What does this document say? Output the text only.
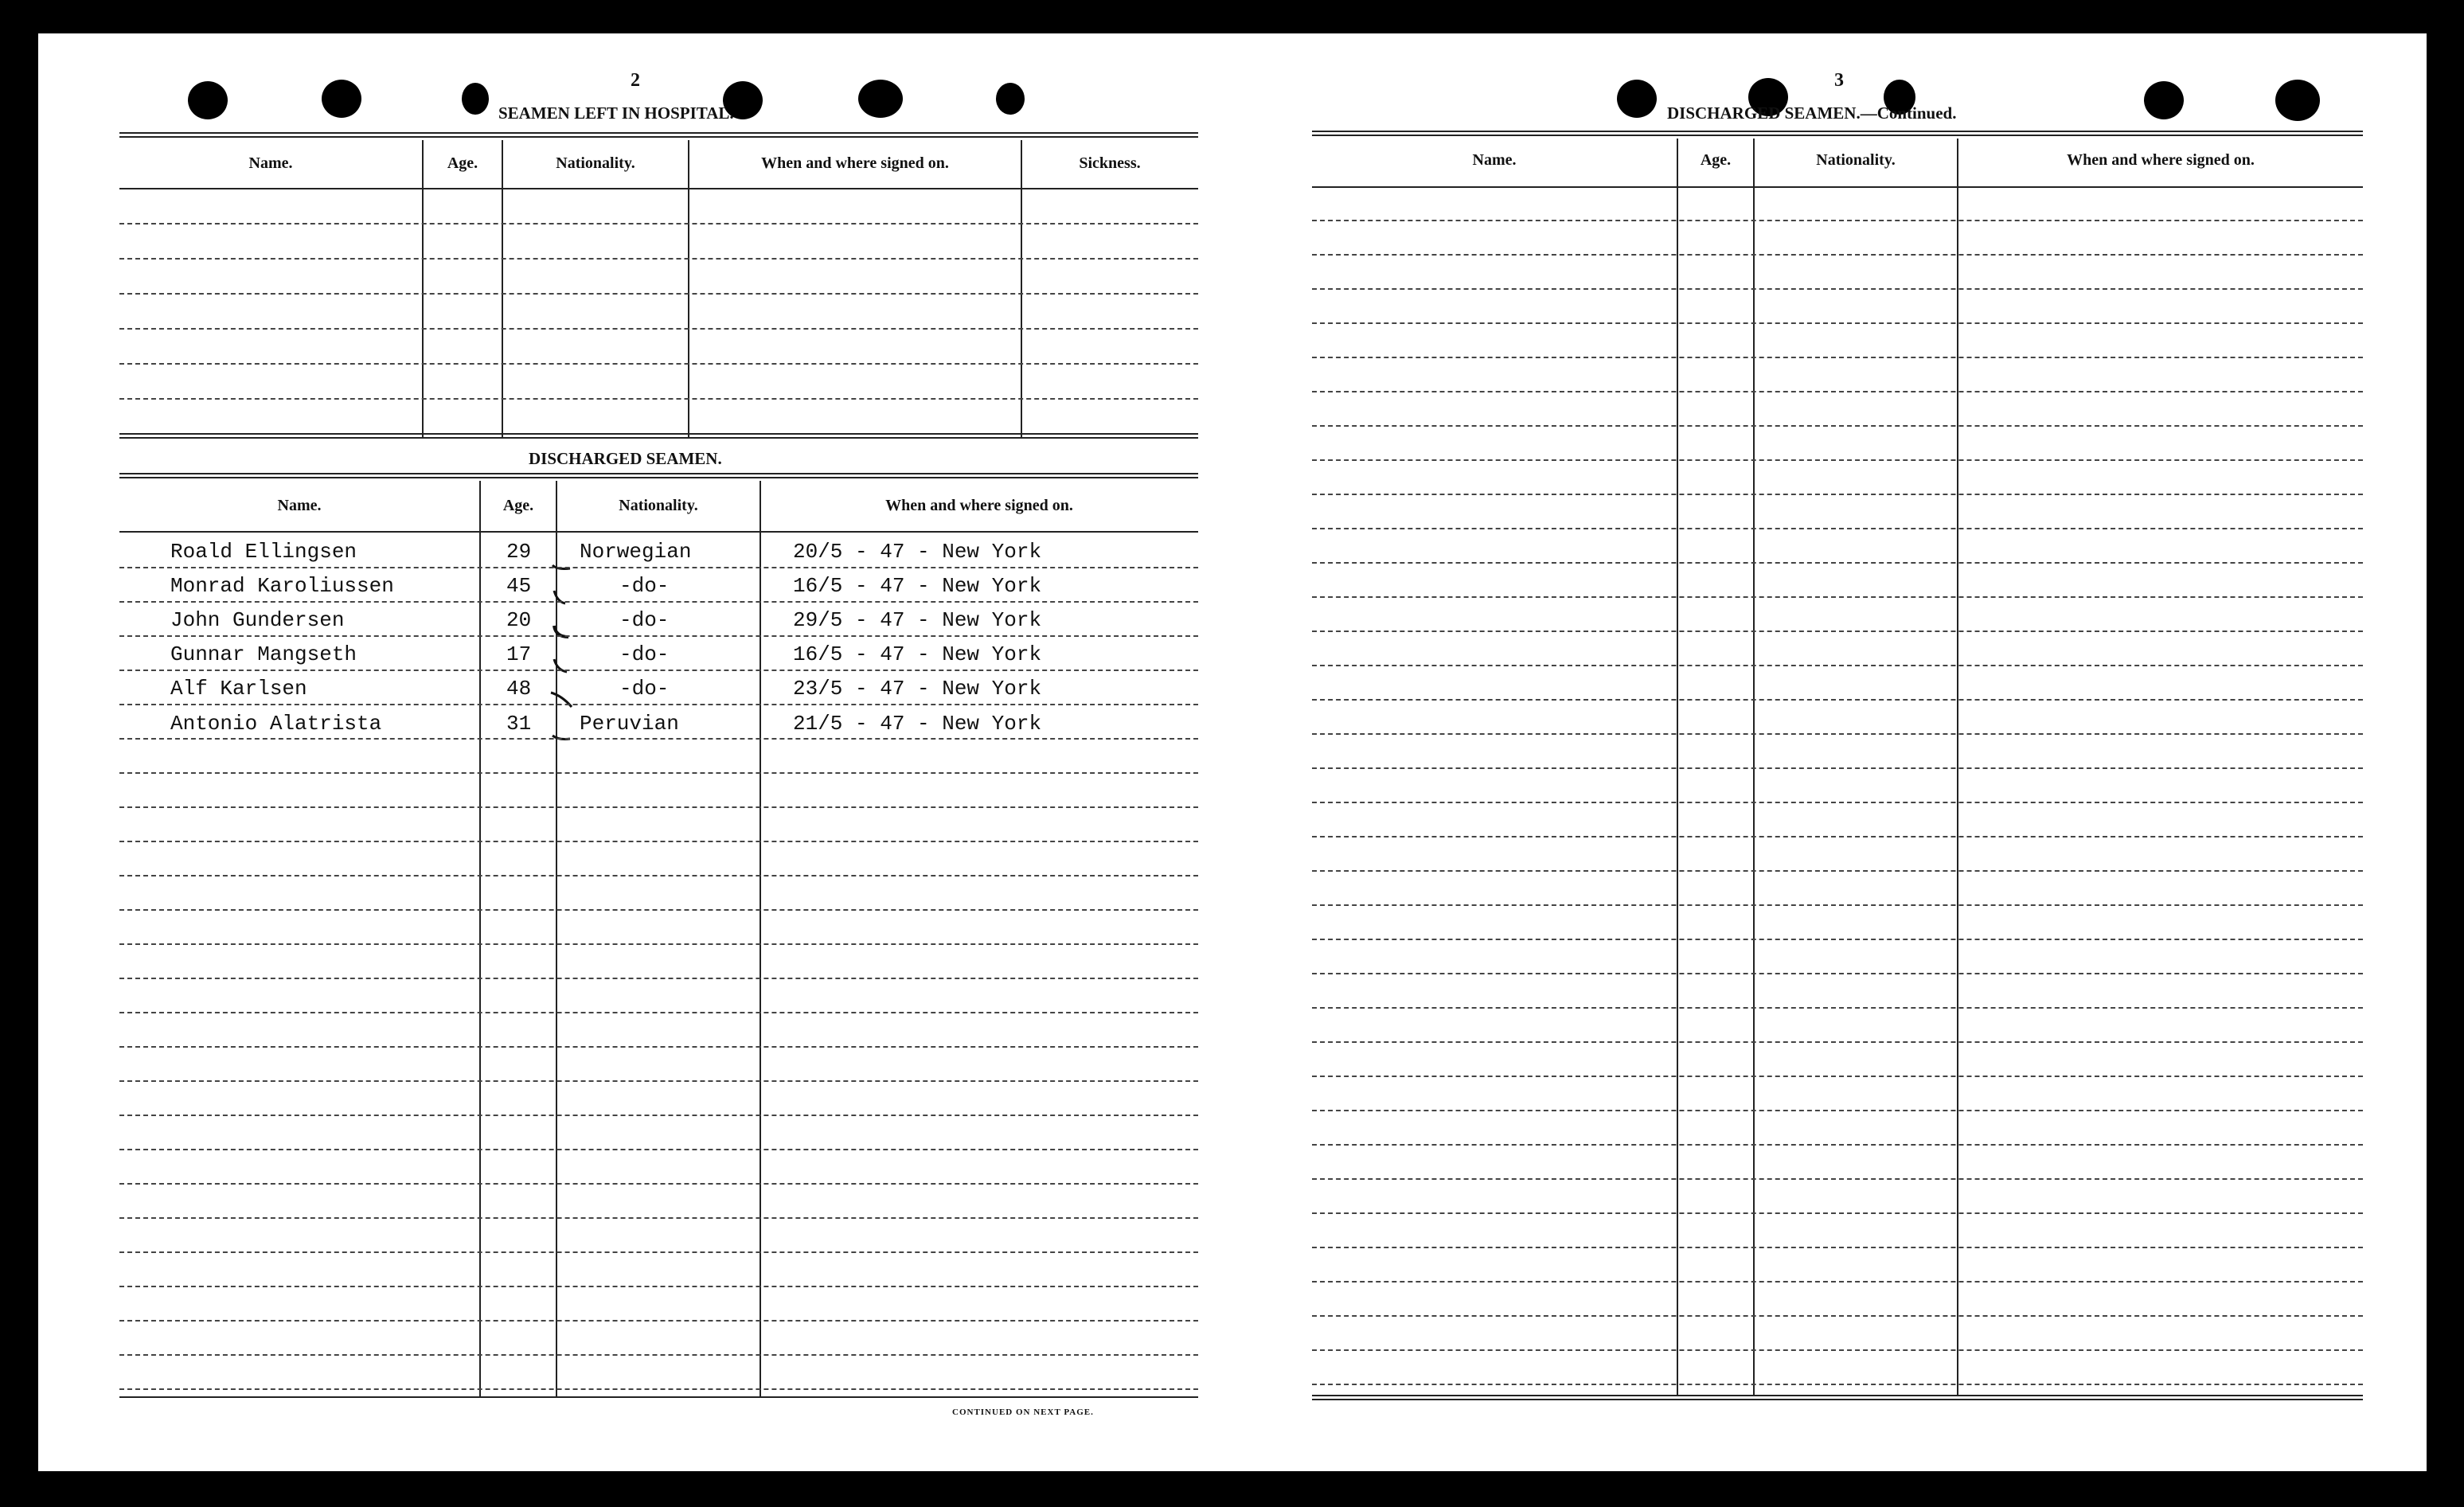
2
SEAMEN LEFT IN HOSPITAL.
Name.	Age.	Nationality.	When and where signed on.	Sickness.
DISCHARGED SEAMEN.
Name.	Age.	Nationality.	When and where signed on.
Roald Ellingsen	29 Norwegian	20/5 - 47 - New York
Monrad Karoliussen	45	-do-	16/5 - 47 - New York
John Gundersen	20	-do-	29/5 - 47 - New York
Gunnar Mangseth	17	-do-	16/5 - 47 - New York
Alf Karlsen	48	-do-	23/5 - 47 - New York
Antonio Alatrista	31 Peruvian	21/5 - 47 - New York
CONTINUED ON NEXT PAGE.
3
DISCHARGED SEAMEN.—Continued.
Name.	Age.	Nationality.	When and where signed on.
